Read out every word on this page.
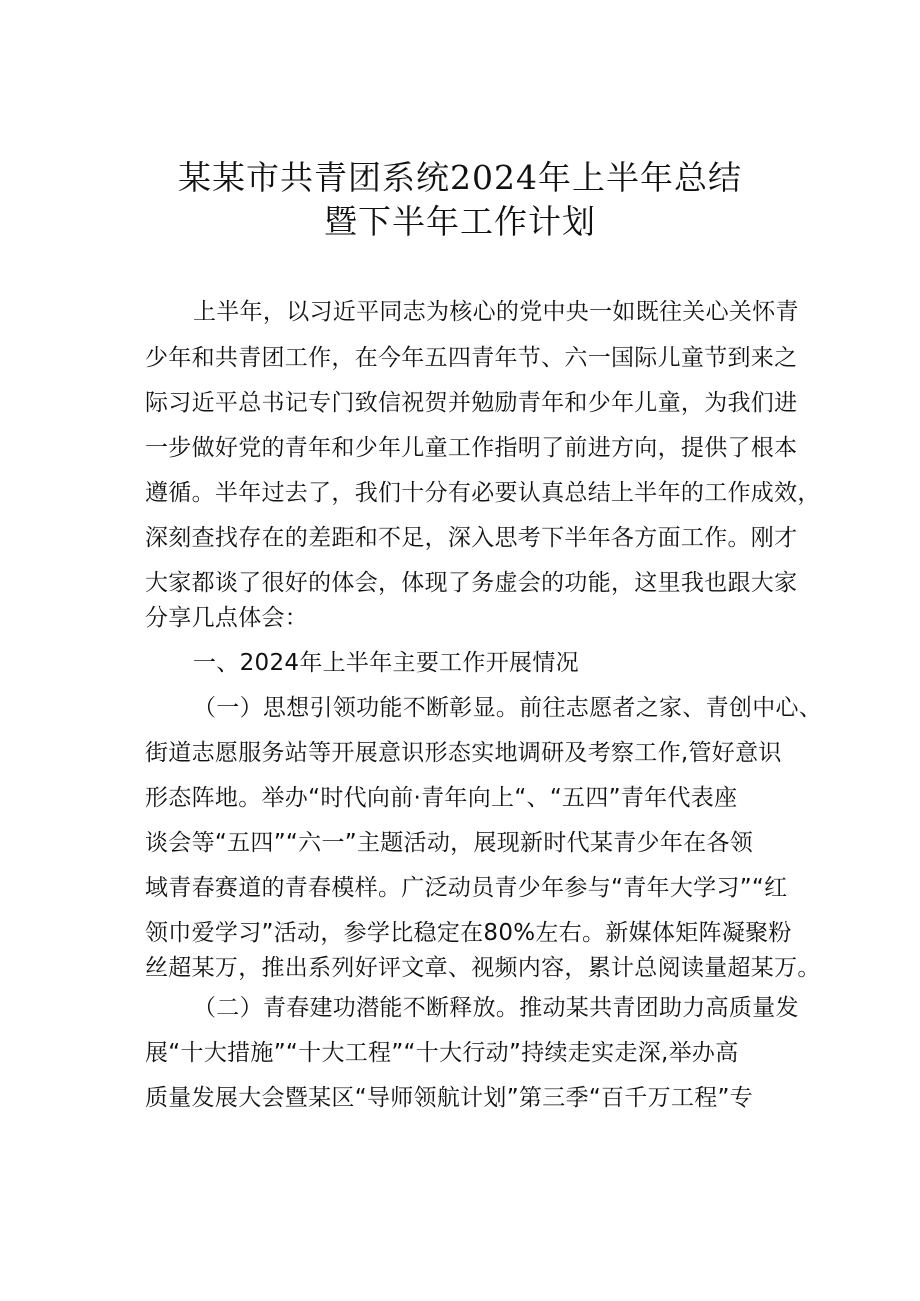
某某市共青团系统2024年上半年总结
暨下半年工作计划
上半年，以习近平同志为核心的党中央一如既往关心关怀青
少年和共青团工作，在今年五四青年节、六一国际儿童节到来之
际习近平总书记专门致信祝贺并勉励青年和少年儿童，为我们进
一步做好党的青年和少年儿童工作指明了前进方向，提供了根本
遵循。半年过去了，我们十分有必要认真总结上半年的工作成效，
深刻查找存在的差距和不足，深入思考下半年各方面工作。刚才
大家都谈了很好的体会，体现了务虚会的功能，这里我也跟大家
分享几点体会：
一、2024年上半年主要工作开展情况
（一）思想引领功能不断彰显。前往志愿者之家、青创中心、
街道志愿服务站等开展意识形态实地调研及考察工作,管好意识
形态阵地。举办“时代向前·青年向上“、“五四”青年代表座
谈会等“五四”“六一”主题活动，展现新时代某青少年在各领
域青春赛道的青春模样。广泛动员青少年参与“青年大学习”“红
领巾爱学习”活动，参学比稳定在80%左右。新媒体矩阵凝聚粉
丝超某万，推出系列好评文章、视频内容，累计总阅读量超某万。
（二）青春建功潜能不断释放。推动某共青团助力高质量发
展“十大措施”“十大工程”“十大行动”持续走实走深,举办高
质量发展大会暨某区“导师领航计划”第三季“百千万工程”专
